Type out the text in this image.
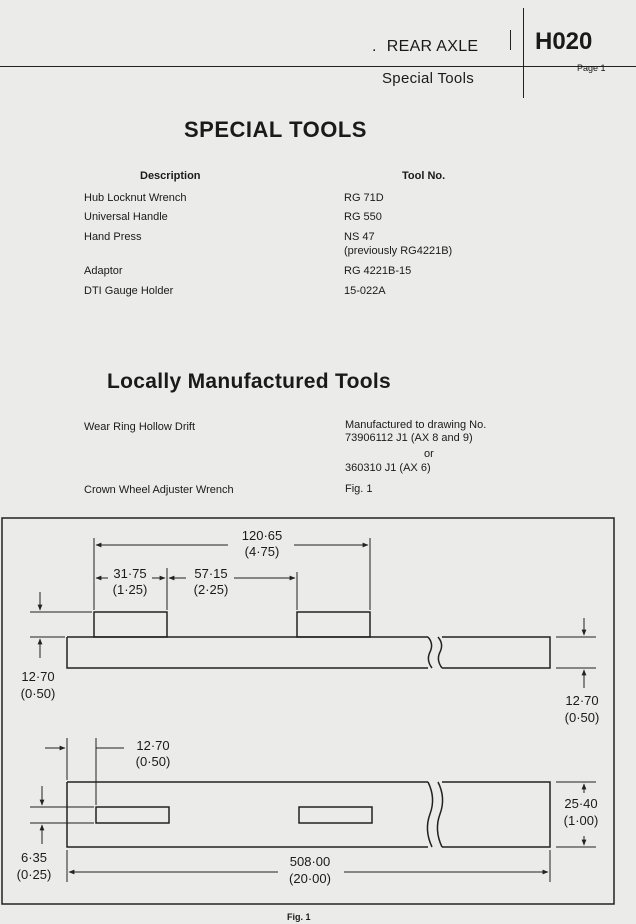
. REAR AXLE H020
Page 1
Special Tools
SPECIAL TOOLS
Description	Tool No.
Hub Locknut Wrench	RG 71D
Universal Handle	RG 550
Hand Press	NS 47
(previously RG4221B)
Adaptor	RG 4221B-15
DTI Gauge Holder	15-022A
Locally Manufactured Tools
Wear Ring Hollow Drift	Manufactured to drawing No.
73906112 J1 (AX 8 and 9)
or
360310 J1 (AX 6)
Crown Wheel Adjuster Wrench	Fig. 1
120·65
(4·75)
31·75
(1·25)
57·15
(2·25)
12·70
(0·50)	12·70
(0·50)
12·70
(0·50)
25·40
(1·00)
6·35
(0·25)
508·00
(20·00)
Fig. 1
